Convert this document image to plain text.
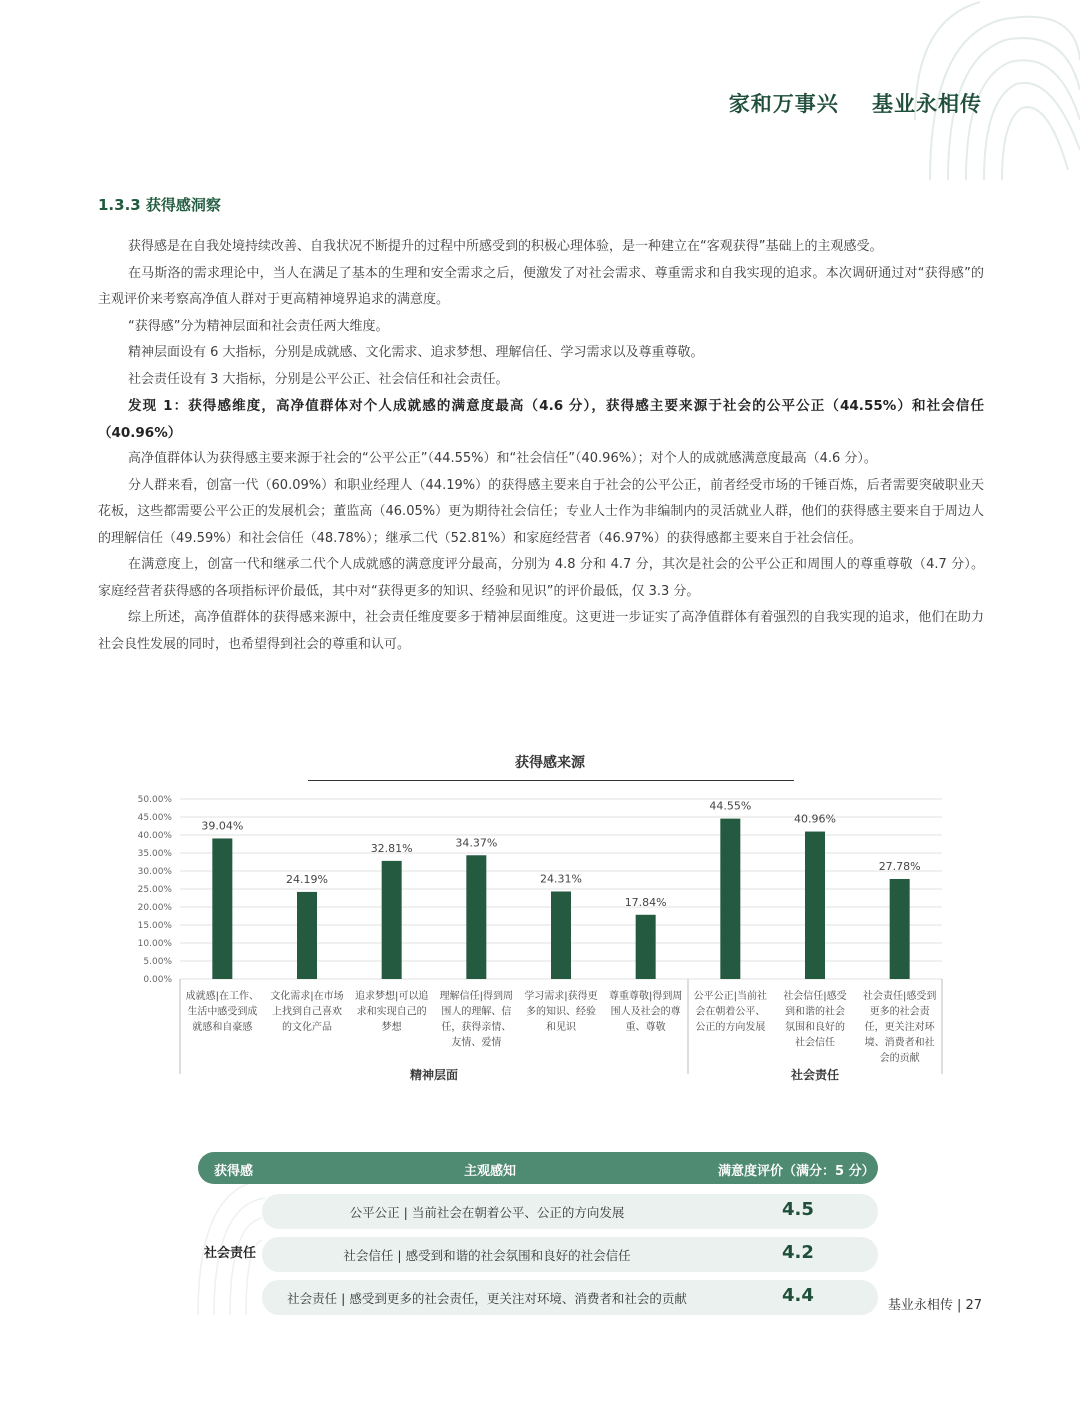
家和万事兴    基业永相传
1.3.3 获得感洞察

获得感是在自我处境持续改善、自我状况不断提升的过程中所感受到的积极心理体验，是一种建立在“客观获得”基础上的主观感受。

在马斯洛的需求理论中，当人在满足了基本的生理和安全需求之后，便激发了对社会需求、尊重需求和自我实现的追求。本次调研通过对“获得感”的主观评价来考察高净值人群对于更高精神境界追求的满意度。

“获得感”分为精神层面和社会责任两大维度。

精神层面设有 6 大指标，分别是成就感、文化需求、追求梦想、理解信任、学习需求以及尊重尊敬。

社会责任设有 3 大指标，分别是公平公正、社会信任和社会责任。

发现 1：获得感维度，高净值群体对个人成就感的满意度最高（4.6 分），获得感主要来源于社会的公平公正（44.55%）和社会信任（40.96%）

高净值群体认为获得感主要来源于社会的“公平公正”（44.55%）和“社会信任”（40.96%）；对个人的成就感满意度最高（4.6 分）。

分人群来看，创富一代（60.09%）和职业经理人（44.19%）的获得感主要来自于社会的公平公正，前者经受市场的千锤百炼，后者需要突破职业天花板，这些都需要公平公正的发展机会；董监高（46.05%）更为期待社会信任；专业人士作为非编制内的灵活就业人群，他们的获得感主要来自于周边人的理解信任（49.59%）和社会信任（48.78%）；继承二代（52.81%）和家庭经营者（46.97%）的获得感都主要来自于社会信任。

在满意度上，创富一代和继承二代个人成就感的满意度评分最高，分别为 4.8 分和 4.7 分，其次是社会的公平公正和周围人的尊重尊敬（4.7 分）。家庭经营者获得感的各项指标评价最低，其中对“获得更多的知识、经验和见识”的评价最低，仅 3.3 分。

综上所述，高净值群体的获得感来源中，社会责任维度要多于精神层面维度。这更进一步证实了高净值群体有着强烈的自我实现的追求，他们在助力社会良性发展的同时，也希望得到社会的尊重和认可。

获得感来源
0.00%
5.00%
10.00%
15.00%
20.00%
25.00%
30.00%
35.00%
40.00%
45.00%
50.00%
39.04%
24.19%
32.81%	34.37%
24.31%
17.84%
44.55%
40.96%
27.78%
成就感|在工作、
生活中感受到成
就感和自豪感
文化需求|在市场
上找到自己喜欢
的文化产品
追求梦想|可以追
求和实现自己的
梦想
理解信任|得到周
围人的理解、信
任，获得亲情、
友情、爱情
学习需求|获得更
多的知识、经验
和见识
尊重尊敬|得到周
围人及社会的尊
重、尊敬
公平公正|当前社
会在朝着公平、
公正的方向发展
社会信任|感受
到和谐的社会
氛围和良好的
社会信任
社会责任|感受到
更多的社会责
任，更关注对环
境、消费者和社
会的贡献
精神层面	社会责任
获得感	主观感知	满意度评价（满分：5 分）
社会责任
公平公正 | 当前社会在朝着公平、公正的方向发展	4.5
社会信任 | 感受到和谐的社会氛围和良好的社会信任	4.2
社会责任 | 感受到更多的社会责任，更关注对环境、消费者和社会的贡献	4.4	基业永相传 | 27
